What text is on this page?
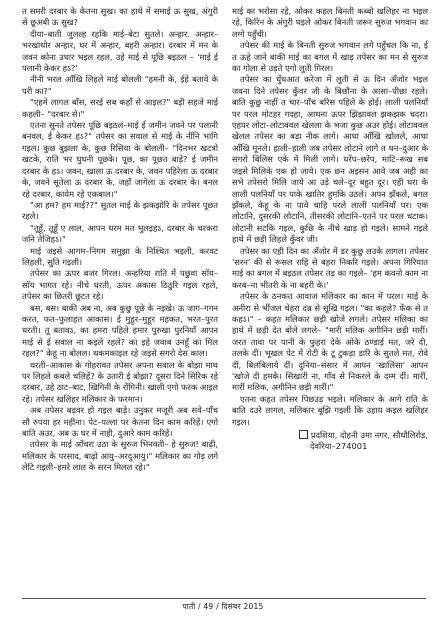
त समरी दरबार के केतना सुख। का हाथे में समाई ऊ सुख, अंगुरी से छूअबी ऊ सुख?

दीया–बाती जुलल्ह रहकि माई–बेटा सुतले। अन्हार. अन्हार–भरखाधोर अन्हार, घर में अन्हार, बहरी अन्हार। दरबार में मन के जवन कोना उधार भइल रहल, उहे माई से पूछि बइठल – 'माई ई पलानी केकर हऽ?'

नीनी भरल आँखि लिहले माई बोलली "हमनी के, ईहे बतावे के परी का?"

"एहमे लागल बाँस, सरई सब कहाँ से आइल?" बड़ी सहजे माई कहली– "दरबार से।"

एतना सुनते तपेसर पूछि बइठलं–माई ई जमीन जवने पर पलानी बनवल, ई केकर हऽ?" तपेसर का सवाल से माई के नींनि भागि गइल। कुछ बुझला के, कुछ रिसिया के बोलली– "दिनभर खटत्रो खटके, राति भर घुधनी पूछके। पूछ, का पूछत बाड़े? ई जमीन दरबार के हऽ। जवन, खाला ऊ दरबार के, जवन पहिरेला ऊ दरबार के, जवने सूतेला ऊ दरबार के, जहाँ जागेला ऊ दरबार के। बनल रहे दरबार, कायेम रहे एकबाल।"

"आ हम? हम माई??" सुतल माई के झकझोरि के तपेसर पूछत रहले।

"तूहूँ, तूहूँ ए लाल, आपन धरम मत भुलइहऽ, दरबार के चरकरा जनि तेजिहऽ।"

माई जइसे आगम–निगम समुझा के निश्चित भइली, करवट लिहली, सुति गइली।

तपेसर का ऊपर बजर गिरल। अन्हरिया राति में पछुवा सॉय–सॉय भागत रहे। नीचे धरती, ऊपर अकास ठिठुरि गइल रहले, तपेसर का छितरी छूटत रहे।

बस, बस। बाकी अब ना, अब कुछु पूछे के नइखे। ऊ जाग–गगन करत, फत–फुलाहत आकास। ई मुहुर–मुहूर महकत, भरत–पुरत धरती। तू बतावऽ, का हमरा पहिले हमार पुरुखा पुरनियाँ आपन माई से ई सवाल ना कइले रहले? का इहे जवाब उनहूँ का मिल रहल?" केहू ना बोलल। थकमकाइल रहे जइसे सगरो देस काल।

धरती–आकास के गोहरावत तपेसर अपना सवाल के बोझा माथ पर लिहले कबले चलिहें? के उतारी ई बोझा? दूसरा दिने सिरिक रहे दरबार, उहे ठाट–बाट, खिगिनी के रोंगिनी। खाली एगो फरक आइल रहे। तपेसर खलिहर मलिकार के फरमान।

अब तपेसर बड़वर हो गइल बाड़े। उनुकर मजूरी अब सवे–पाँच सौ रुपया हर महीना। पेट–पल्ला पर केतना दिन काम करिहें। एगो बाति अउर, अब ऊ घर में नाही, दुआरे काम करिहें।

तपेसर के माई आँचरा उठा के सुरुज भिनवती– हे सुरुज! बाढ़ी, मलिकार के परसाद, बाढ़ो आयु–अरदुआयु।" मलिकार का गोड़ लगे लेटि गइली–हमरे लाल के सरन मिलल रहे।"

माई का भरोसा रहे, ओकर कहल बिनती कब्बो खलिहर ना भइल रहे, किरिन के अंगुरी धइले ओकर बिनती जरूर सुरुज भगवान का लग्गे पहुँची।

तपेसर की माई के बिनती सुरुज भगवान लगे पहुँचल कि ना, ई त ऊहे जाने बाकी माई का बगल में खाड़ तपेसर का मन से सुरुज का गोला से उड़ते एगो लुती गिरल।

तपेसर का धुँधआत करेजा में लुती से ऊ दिन अँजोर भइल जवना दिने तपेसर कुँवर जी के बिछौना के आसा–पीछा रहले। बाति कुछु नाहीं त चार–पाँच बरिस पहिले के होई। लाली पलनियाँ पर परल मोटहर गदहा, आधना ऊपर झिझावल झकझक चदरा। एहपर लोटा–लोटाववल खेलला के भजा कुछ अउर होई। लोटाववल खेलल तपेसर का बड़ा नीक लागे। आधा आँखि खोलले, आधा आँखि मूनले। हाली–हाली जब तपेसर लोटाने लागे त धन–दुआर के सगरो बिलिस एके में मिली लागे। धरेंप–छरेंप, माटि–रूख सब जइसे मिलिके एक हो जाये। एक छन अइसन आवे जब अही का सभे तपेसरो मिलि जाये आ उड़े चले–दूर बहुत दूर। एही घरा के लाली पलनियाँ पर पाके खातिर हुमकि उठले। अपन झँकले, बगल झँकले, केहू के ना पावे चाहि परले लाली पलनियाँ पर। एक लोटानि, दुसरकी लोटानि, तीसरकी लोटानि–एतने पर परल चटाक। लोटानी सटकि गइल, कुछि के नीचे खाड़ हो गइले। सामने गइले हाथे में छड़ी लिहले कुँवर जी।

तपेसर का एही दिन का अँजोर में डर कुछु लउके लागल। तपेसर 'सरन' की से रूसल राहि से बहरा निकरि गइले। अपना गिरियात माई का बगल में बइठल तपेसर तड़ का गइले– 'हम कवनो काम ना करब–ना भीतरी के ना बहरी के।'

तपेसर के ठनकत आवाज मलिकार का कान में परल। माई के अनीरा से भींजल चेहरा दन्न से सूखि गइल। "का कहले? फेंक से त कहऽ।" – कहत मलिकार छड़ी खोजे लगले। तपेसर मलिका का हाथे में छड़ी देत बोले लगले– "मारी मलिक अगीनिन छड़ी मारीं। जरत तावा पर पानी के फुहरा देके ओके ठण्डाई मत, जरे दी, तलके दीं। भूखल पेट में रोटी के टू टुकड़ा डारि के सुतले मत, रोवे दीं, बिलबिलाये दीं। दुनिया–संसार में आपन 'खालिसा' आपन 'खोजे दी हमके। सिखारी ना, गाँव से निकरले के दम्म दीं। मारीं, मारीं मलिक, अगीनिन छड़ी मारीं।"

एतना कहत तपेसर पिछउड़ भइले। मलिकार के आगे राति के बाति दउरे लागल, मलिकार बूझि गइली कि उहाय कइल खलिहर गइल।

प्रदशिया, दोहनी उमा नगर, सौधौलिरोड,
देवरिया–274001
पाती / 49 / दिसंबर 2015
